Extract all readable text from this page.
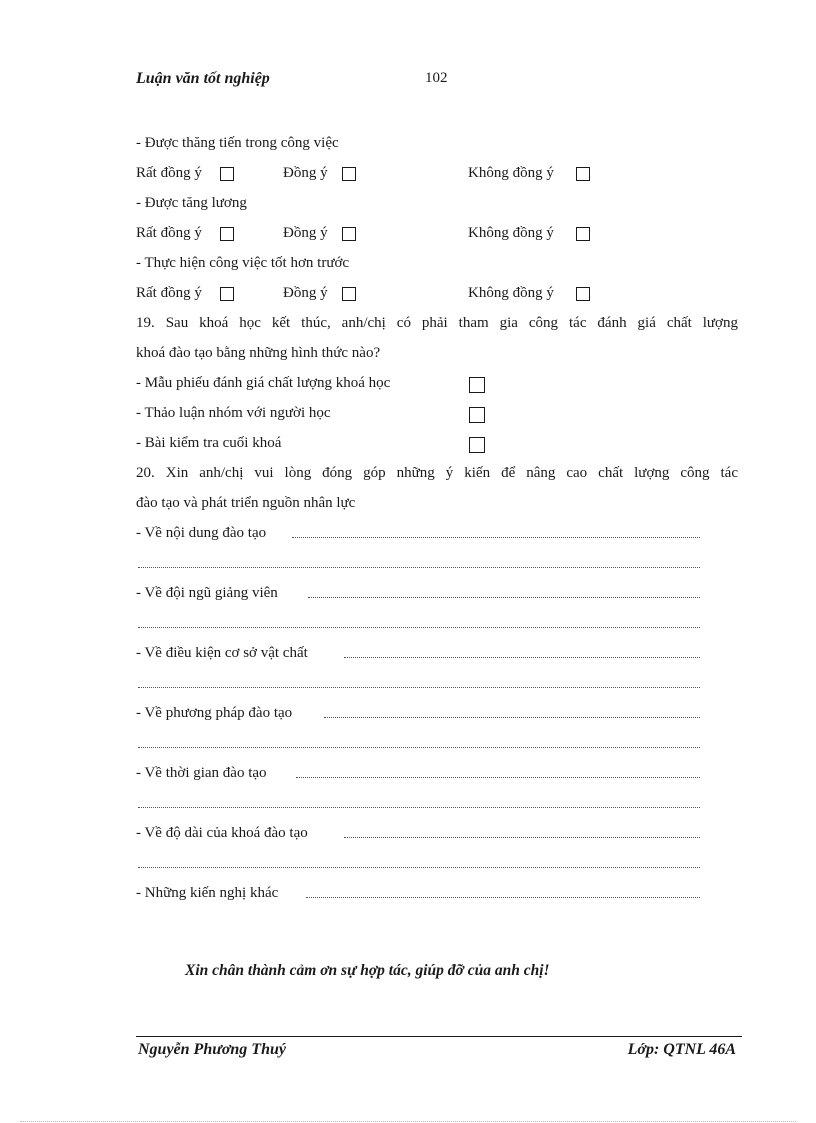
Luận văn tốt nghiệp	102
- Được thăng tiến trong công việc
Rất đồng ý	Đồng ý	Không đồng ý
- Được tăng lương
Rất đồng ý	Đồng ý	Không đồng ý
- Thực hiện công việc tốt hơn trước
Rất đồng ý	Đồng ý	Không đồng ý
19. Sau khoá học kết thúc, anh/chị có phải tham gia công tác đánh giá chất lượng
khoá đào tạo bằng những hình thức nào?
- Mẫu phiếu đánh giá chất lượng khoá học
- Thảo luận nhóm với người học
- Bài kiểm tra cuối khoá
20. Xin anh/chị vui lòng đóng góp những ý kiến để nâng cao chất lượng công tác
đào tạo và phát triển nguồn nhân lực
- Về nội dung đào tạo
- Về đội ngũ giảng viên
- Về điều kiện cơ sở vật chất
- Về phương pháp đào tạo
- Về thời gian đào tạo
- Về độ dài của khoá đào tạo
- Những kiến nghị khác
Xin chân thành cảm ơn sự hợp tác, giúp đỡ của anh chị!
Nguyễn Phương Thuý	Lớp: QTNL 46A
